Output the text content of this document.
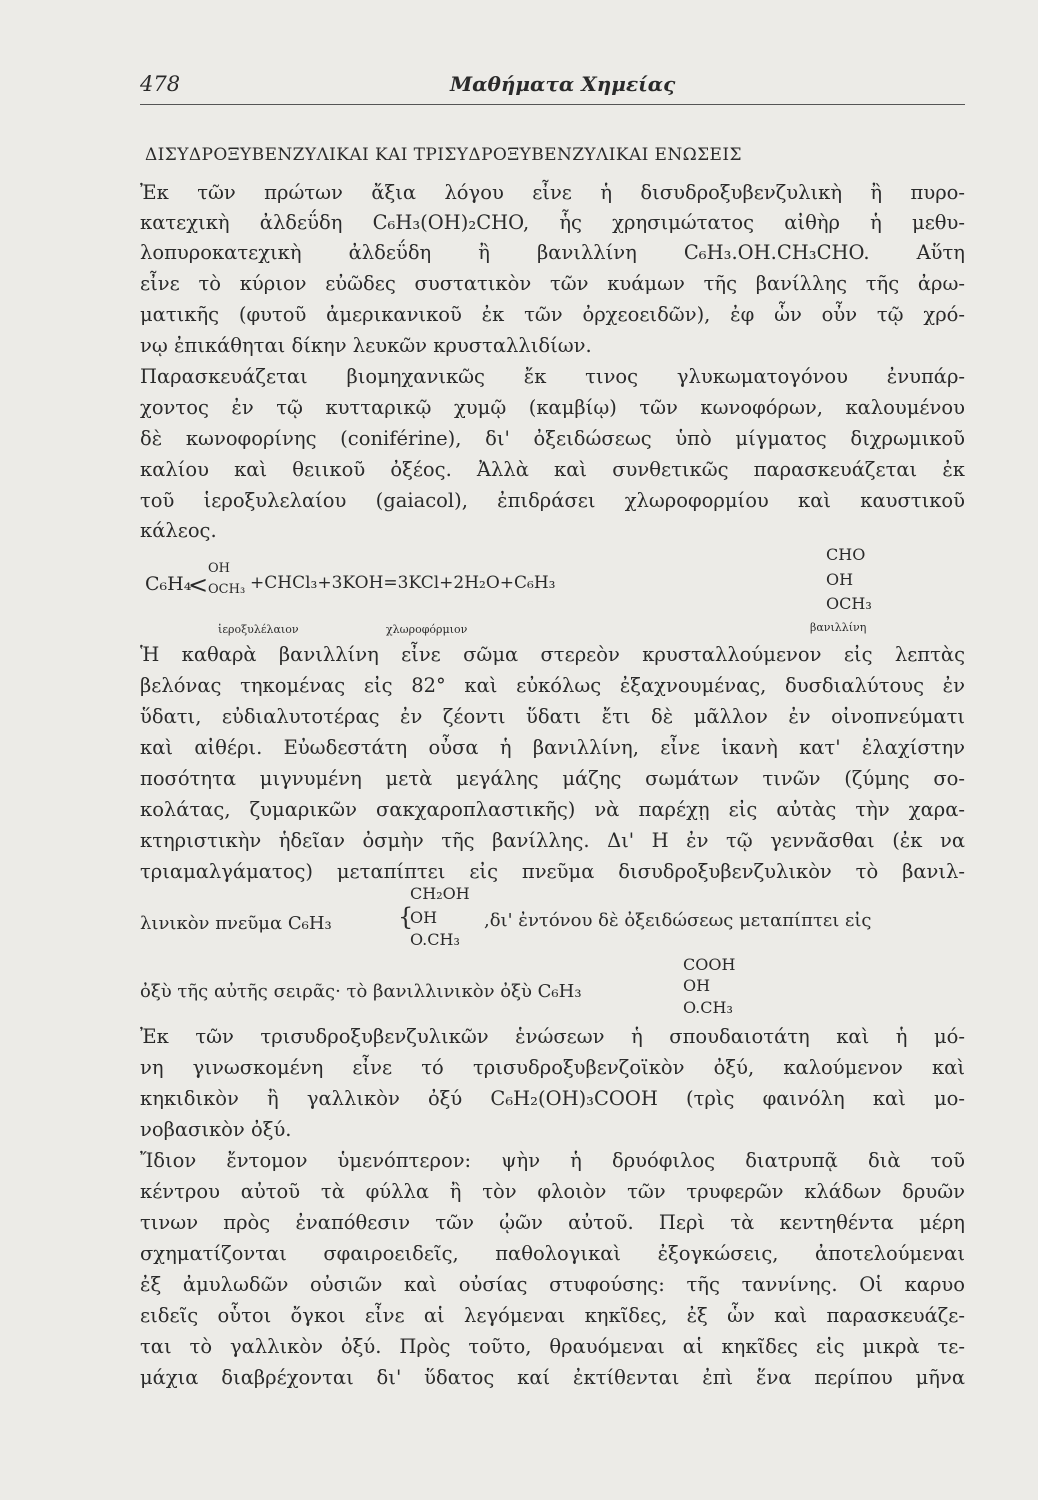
478	Μαθήματα Χημείας
ΔΙΣΥΔΡΟΞΥΒΕΝΖΥΛΙΚΑΙ ΚΑΙ ΤΡΙΣΥΔΡΟΞΥΒΕΝΖΥΛΙΚΑΙ ΕΝΩΣΕΙΣ
Ἐκ τῶν πρώτων ἄξια λόγου εἶνε ἡ δισυδροξυβενζυλικὴ ἢ πυρο-
κατεχικὴ ἀλδεΰδη C₆H₃(OH)₂CHO, ἧς χρησιμώτατος αἰθὴρ ἡ μεθυ-
λοπυροκατεχικὴ ἀλδεΰδη ἢ βανιλλίνη C₆H₃.OH.CH₃CHO. Αὕτη
εἶνε τὸ κύριον εὐῶδες συστατικὸν τῶν κυάμων τῆς βανίλλης τῆς ἀρω-
ματικῆς (φυτοῦ ἀμερικανικοῦ ἐκ τῶν ὀρχεοειδῶν), ἐφ ὧν οὖν τῷ χρό-
νῳ ἐπικάθηται δίκην λευκῶν κρυσταλλιδίων.
Παρασκευάζεται βιομηχανικῶς ἔκ τινος γλυκωματογόνου ἐνυπάρ-
χοντος ἐν τῷ κυτταρικῷ χυμῷ (καμβίῳ) τῶν κωνοφόρων, καλουμένου
δὲ κωνοφορίνης (coniférine), δι' ὀξειδώσεως ὑπὸ μίγματος διχρωμικοῦ
καλίου καὶ θειικοῦ ὀξέος. Ἀλλὰ καὶ συνθετικῶς παρασκευάζεται ἐκ
τοῦ ἱεροξυλελαίου (gaiacol), ἐπιδράσει χλωροφορμίου καὶ καυστικοῦ
κάλεος.
C₆H₄
<
OH
OCH₃ +CHCl₃+3KOH=3KCl+2H₂O+C₆H₃
CHO
OH
OCH₃
ἱεροξυλέλαιον	χλωροφόρμιον	βανιλλίνη
Ἡ καθαρὰ βανιλλίνη εἶνε σῶμα στερεὸν κρυσταλλούμενον εἰς λεπτὰς
βελόνας τηκομένας εἰς 82° καὶ εὐκόλως ἐξαχνουμένας, δυσδιαλύτους ἐν
ὕδατι, εὐδιαλυτοτέρας ἐν ζέοντι ὕδατι ἔτι δὲ μᾶλλον ἐν οἰνοπνεύματι
καὶ αἰθέρι. Εὐωδεστάτη οὖσα ἡ βανιλλίνη, εἶνε ἱκανὴ κατ' ἐλαχίστην
ποσότητα μιγνυμένη μετὰ μεγάλης μάζης σωμάτων τινῶν (ζύμης σο-
κολάτας, ζυμαρικῶν σακχαροπλαστικῆς) νὰ παρέχῃ εἰς αὐτὰς τὴν χαρα-
κτηριστικὴν ἡδεῖαν ὀσμὴν τῆς βανίλλης. Δι' Η ἐν τῷ γεννᾶσθαι (ἐκ να
τριαμαλγάματος) μεταπίπτει εἰς πνεῦμα δισυδροξυβενζυλικὸν τὸ βανιλ-
λινικὸν πνεῦμα C₆H₃	{
CH₂OH
OH
O.CH₃
,δι' ἐντόνου δὲ ὀξειδώσεως μεταπίπτει εἰς
ὀξὺ τῆς αὐτῆς σειρᾶς· τὸ βανιλλινικὸν ὀξὺ C₆H₃
COOH
OH
O.CH₃
Ἐκ τῶν τρισυδροξυβενζυλικῶν ἑνώσεων ἡ σπουδαιοτάτη καὶ ἡ μό-
νη γινωσκομένη εἶνε τό τρισυδροξυβενζοϊκὸν ὀξύ, καλούμενον καὶ
κηκιδικὸν ἢ γαλλικὸν ὀξύ C₆H₂(OH)₃COOH (τρὶς φαινόλη καὶ μο-
νοβασικὸν ὀξύ.
Ἴδιον ἔντομον ὑμενόπτερον: ψὴν ἡ δρυόφιλος διατρυπᾷ διὰ τοῦ
κέντρου αὐτοῦ τὰ φύλλα ἢ τὸν φλοιὸν τῶν τρυφερῶν κλάδων δρυῶν
τινων πρὸς ἐναπόθεσιν τῶν ᾠῶν αὐτοῦ. Περὶ τὰ κεντηθέντα μέρη
σχηματίζονται σφαιροειδεῖς, παθολογικαὶ ἐξογκώσεις, ἀποτελούμεναι
ἐξ ἀμυλωδῶν οὐσιῶν καὶ οὐσίας στυφούσης: τῆς ταννίνης. Οἱ καρυο
ειδεῖς οὗτοι ὄγκοι εἶνε αἱ λεγόμεναι κηκῖδες, ἐξ ὧν καὶ παρασκευάζε-
ται τὸ γαλλικὸν ὀξύ. Πρὸς τοῦτο, θραυόμεναι αἱ κηκῖδες εἰς μικρὰ τε-
μάχια διαβρέχονται δι' ὕδατος καί ἐκτίθενται ἐπὶ ἕνα περίπου μῆνα
